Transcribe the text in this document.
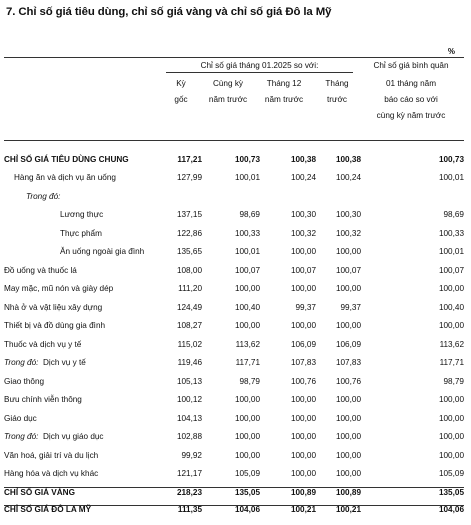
7. Chỉ số giá tiêu dùng, chỉ số giá vàng và chỉ số giá Đô la Mỹ
%
Chỉ số giá tháng 01.2025 so với:
Kỳ
gốc
Cùng kỳ
năm trước
Tháng 12
năm trước
Tháng
trước
Chỉ số giá bình quân
01 tháng năm
báo cáo so với
cùng kỳ năm trước
CHỈ SỐ GIÁ TIÊU DÙNG CHUNG	117,21	100,73	100,38	100,38	100,73
Hàng ăn và dịch vụ ăn uống	127,99	100,01	100,24	100,24	100,01
Trong đó:					
Lương thực	137,15	98,69	100,30	100,30	98,69
Thực phẩm	122,86	100,33	100,32	100,32	100,33
Ăn uống ngoài gia đình	135,65	100,01	100,00	100,00	100,01
Đồ uống và thuốc lá	108,00	100,07	100,07	100,07	100,07
May mặc, mũ nón và giày dép	111,20	100,00	100,00	100,00	100,00
Nhà ở và vật liệu xây dựng	124,49	100,40	99,37	99,37	100,40
Thiết bị và đồ dùng gia đình	108,27	100,00	100,00	100,00	100,00
Thuốc và dịch vụ y tế	115,02	113,62	106,09	106,09	113,62
Trong đó: Dịch vụ y tế	119,46	117,71	107,83	107,83	117,71
Giao thông	105,13	98,79	100,76	100,76	98,79
Bưu chính viễn thông	100,12	100,00	100,00	100,00	100,00
Giáo dục	104,13	100,00	100,00	100,00	100,00
Trong đó: Dịch vụ giáo dục	102,88	100,00	100,00	100,00	100,00
Văn hoá, giải trí và du lịch	99,92	100,00	100,00	100,00	100,00
Hàng hóa và dịch vụ khác	121,17	105,09	100,00	100,00	105,09
CHỈ SỐ GIÁ VÀNG	218,23	135,05	100,89	100,89	135,05
CHỈ SỐ GIÁ ĐÔ LA MỸ	111,35	104,06	100,21	100,21	104,06
